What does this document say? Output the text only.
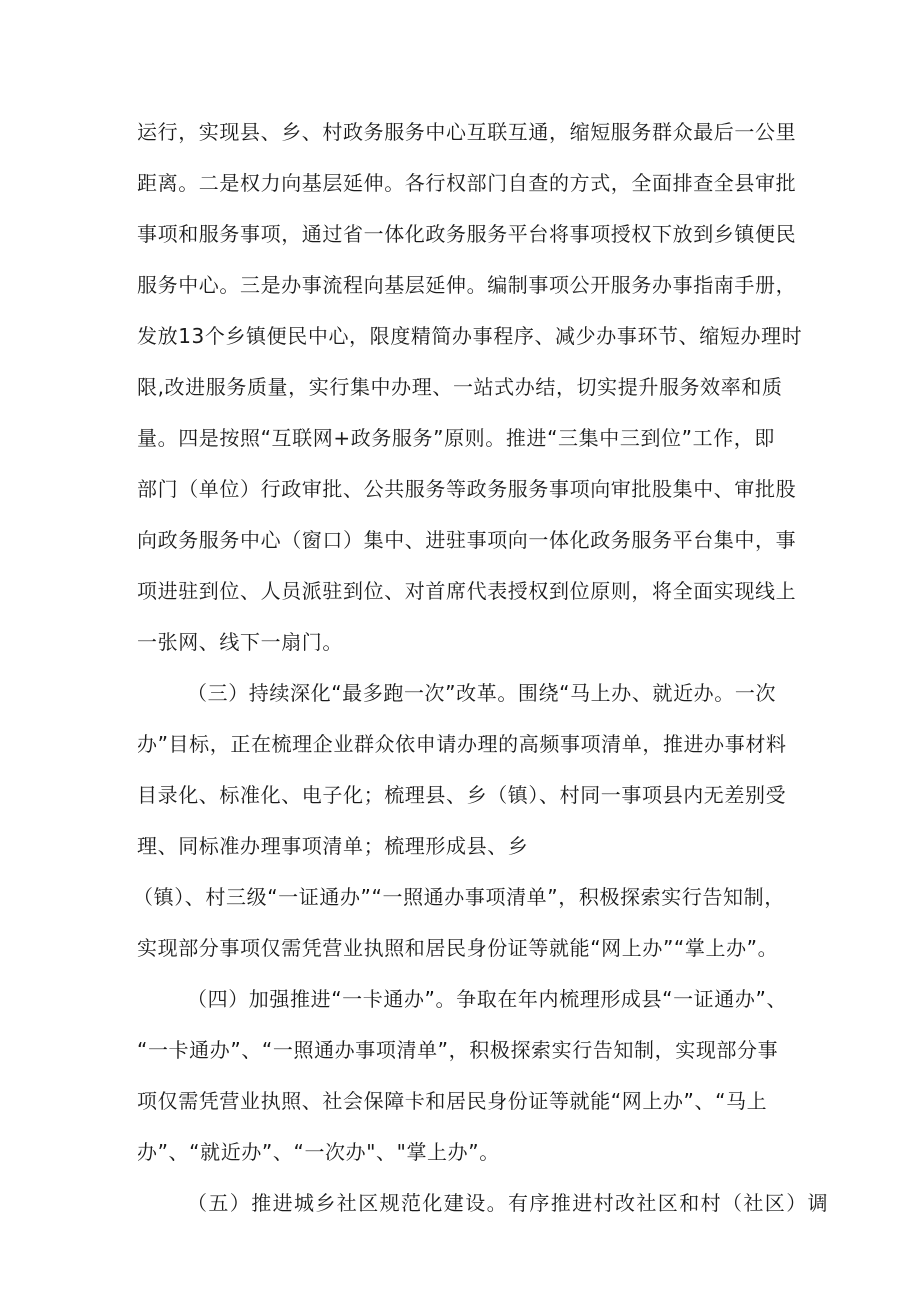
运行，实现县、乡、村政务服务中心互联互通，缩短服务群众最后一公里
距离。二是权力向基层延伸。各行权部门自查的方式，全面排查全县审批
事项和服务事项，通过省一体化政务服务平台将事项授权下放到乡镇便民
服务中心。三是办事流程向基层延伸。编制事项公开服务办事指南手册，
发放13个乡镇便民中心，限度精简办事程序、减少办事环节、缩短办理时
限,改进服务质量，实行集中办理、一站式办结，切实提升服务效率和质
量。四是按照“互联网+政务服务”原则。推进“三集中三到位”工作，即
部门（单位）行政审批、公共服务等政务服务事项向审批股集中、审批股
向政务服务中心（窗口）集中、进驻事项向一体化政务服务平台集中，事
项进驻到位、人员派驻到位、对首席代表授权到位原则，将全面实现线上
一张网、线下一扇门。
（三）持续深化“最多跑一次”改革。围绕“马上办、就近办。一次
办”目标，正在梳理企业群众依申请办理的高频事项清单，推进办事材料
目录化、标准化、电子化；梳理县、乡（镇）、村同一事项县内无差别受
理、同标准办理事项清单；梳理形成县、乡
（镇）、村三级“一证通办”“一照通办事项清单”，积极探索实行告知制，
实现部分事项仅需凭营业执照和居民身份证等就能“网上办”“掌上办”。
（四）加强推进“一卡通办”。争取在年内梳理形成县“一证通办”、
“一卡通办”、“一照通办事项清单”，积极探索实行告知制，实现部分事
项仅需凭营业执照、社会保障卡和居民身份证等就能“网上办”、“马上
办”、“就近办”、“一次办"、"掌上办”。
（五）推进城乡社区规范化建设。有序推进村改社区和村（社区）调
